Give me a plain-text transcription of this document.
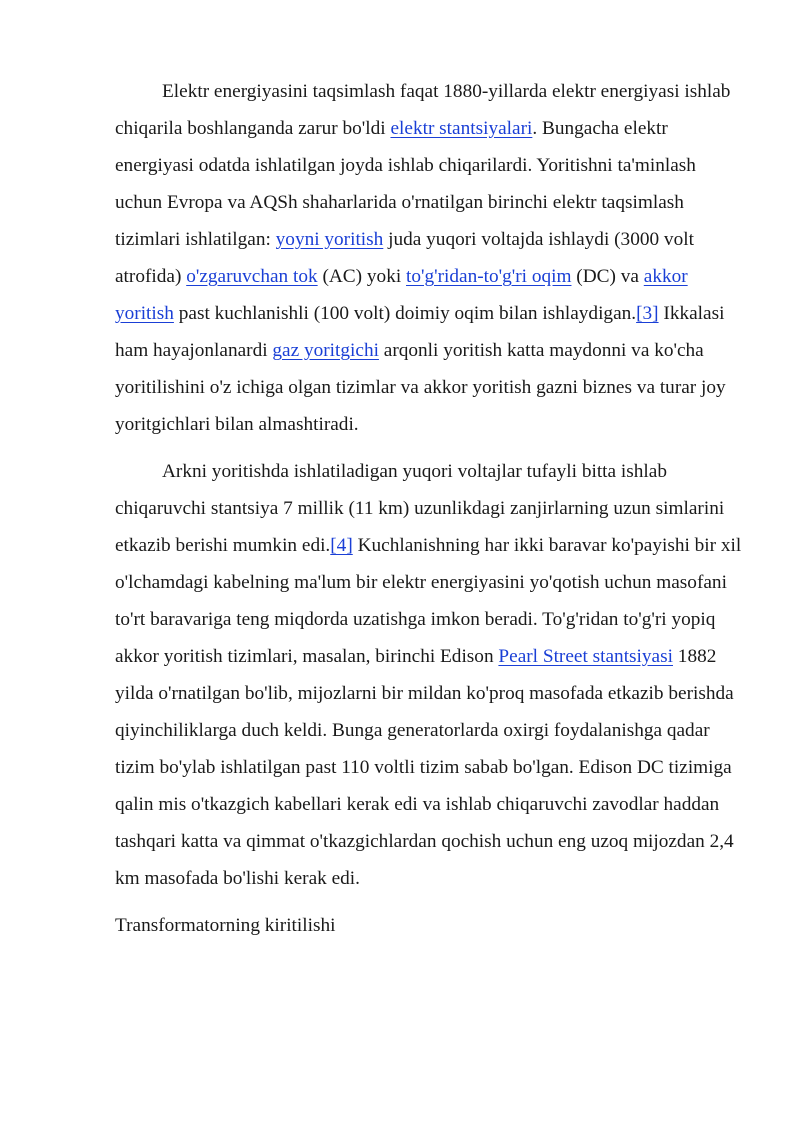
Elektr energiyasini taqsimlash faqat 1880-yillarda elektr energiyasi ishlab chiqarila boshlanganda zarur bo'ldi elektr stantsiyalari. Bungacha elektr energiyasi odatda ishlatilgan joyda ishlab chiqarilardi. Yoritishni ta'minlash uchun Evropa va AQSh shaharlarida o'rnatilgan birinchi elektr taqsimlash tizimlari ishlatilgan: yoyni yoritish juda yuqori voltajda ishlaydi (3000 volt atrofida) o'zgaruvchan tok (AC) yoki to'g'ridan-to'g'ri oqim (DC) va akkor yoritish past kuchlanishli (100 volt) doimiy oqim bilan ishlaydigan.[3] Ikkalasi ham hayajonlanardi gaz yoritgichi arqonli yoritish katta maydonni va ko'cha yoritilishini o'z ichiga olgan tizimlar va akkor yoritish gazni biznes va turar joy yoritgichlari bilan almashtiradi.

Arkni yoritishda ishlatiladigan yuqori voltajlar tufayli bitta ishlab chiqaruvchi stantsiya 7 millik (11 km) uzunlikdagi zanjirlarning uzun simlarini etkazib berishi mumkin edi.[4] Kuchlanishning har ikki baravar ko'payishi bir xil o'lchamdagi kabelning ma'lum bir elektr energiyasini yo'qotish uchun masofani to'rt baravariga teng miqdorda uzatishga imkon beradi. To'g'ridan to'g'ri yopiq akkor yoritish tizimlari, masalan, birinchi Edison Pearl Street stantsiyasi 1882 yilda o'rnatilgan bo'lib, mijozlarni bir mildan ko'proq masofada etkazib berishda qiyinchiliklarga duch keldi. Bunga generatorlarda oxirgi foydalanishga qadar tizim bo'ylab ishlatilgan past 110 voltli tizim sabab bo'lgan. Edison DC tizimiga qalin mis o'tkazgich kabellari kerak edi va ishlab chiqaruvchi zavodlar haddan tashqari katta va qimmat o'tkazgichlardan qochish uchun eng uzoq mijozdan 2,4 km masofada bo'lishi kerak edi.

Transformatorning kiritilishi
